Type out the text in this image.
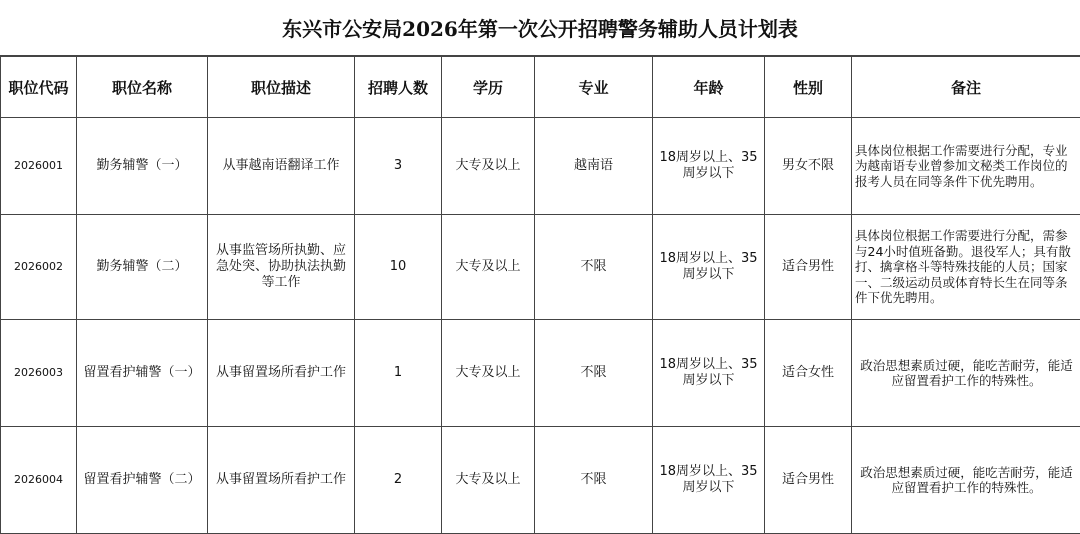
东兴市公安局2026年第一次公开招聘警务辅助人员计划表
职位代码	职位名称	职位描述	招聘人数	学历	专业	年龄	性别	备注
2026001	勤务辅警（一）	从事越南语翻译工作	3	大专及以上	越南语	18周岁以上、35周岁以下	男女不限	具体岗位根据工作需要进行分配，专业为越南语专业曾参加文秘类工作岗位的报考人员在同等条件下优先聘用。
2026002	勤务辅警（二）	从事监管场所执勤、应急处突、协助执法执勤等工作	10	大专及以上	不限	18周岁以上、35周岁以下	适合男性	具体岗位根据工作需要进行分配，需参与24小时值班备勤。退役军人；具有散打、擒拿格斗等特殊技能的人员；国家一、二级运动员或体育特长生在同等条件下优先聘用。
2026003	留置看护辅警（一）	从事留置场所看护工作	1	大专及以上	不限	18周岁以上、35周岁以下	适合女性	政治思想素质过硬，能吃苦耐劳，能适应留置看护工作的特殊性。
2026004	留置看护辅警（二）	从事留置场所看护工作	2	大专及以上	不限	18周岁以上、35周岁以下	适合男性	政治思想素质过硬，能吃苦耐劳，能适应留置看护工作的特殊性。
